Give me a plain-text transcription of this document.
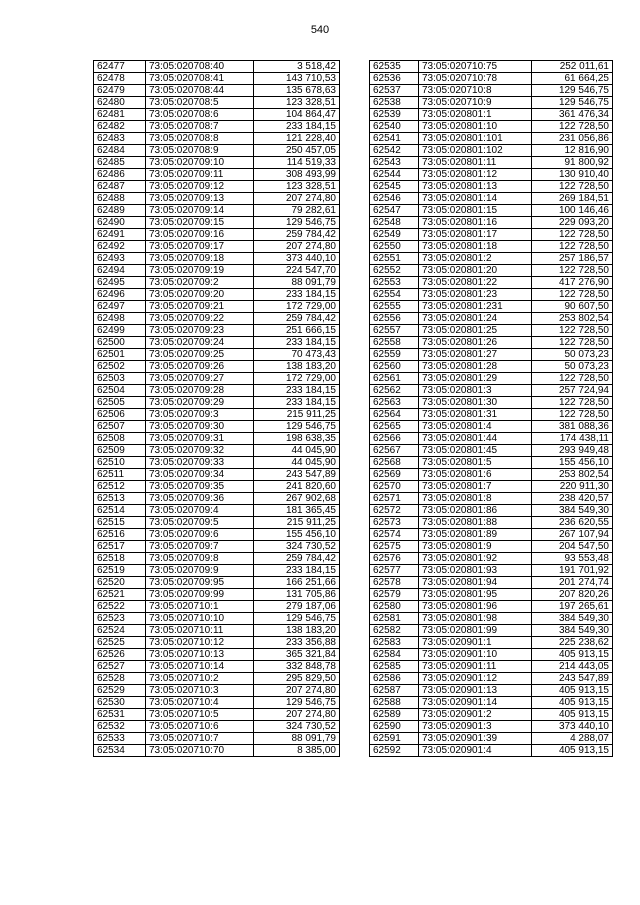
540
62477	73:05:020708:40	3 518,42
62478	73:05:020708:41	143 710,53
62479	73:05:020708:44	135 678,63
62480	73:05:020708:5	123 328,51
62481	73:05:020708:6	104 864,47
62482	73:05:020708:7	233 184,15
62483	73:05:020708:8	121 228,40
62484	73:05:020708:9	250 457,05
62485	73:05:020709:10	114 519,33
62486	73:05:020709:11	308 493,99
62487	73:05:020709:12	123 328,51
62488	73:05:020709:13	207 274,80
62489	73:05:020709:14	79 282,61
62490	73:05:020709:15	129 546,75
62491	73:05:020709:16	259 784,42
62492	73:05:020709:17	207 274,80
62493	73:05:020709:18	373 440,10
62494	73:05:020709:19	224 547,70
62495	73:05:020709:2	88 091,79
62496	73:05:020709:20	233 184,15
62497	73:05:020709:21	172 729,00
62498	73:05:020709:22	259 784,42
62499	73:05:020709:23	251 666,15
62500	73:05:020709:24	233 184,15
62501	73:05:020709:25	70 473,43
62502	73:05:020709:26	138 183,20
62503	73:05:020709:27	172 729,00
62504	73:05:020709:28	233 184,15
62505	73:05:020709:29	233 184,15
62506	73:05:020709:3	215 911,25
62507	73:05:020709:30	129 546,75
62508	73:05:020709:31	198 638,35
62509	73:05:020709:32	44 045,90
62510	73:05:020709:33	44 045,90
62511	73:05:020709:34	243 547,89
62512	73:05:020709:35	241 820,60
62513	73:05:020709:36	267 902,68
62514	73:05:020709:4	181 365,45
62515	73:05:020709:5	215 911,25
62516	73:05:020709:6	155 456,10
62517	73:05:020709:7	324 730,52
62518	73:05:020709:8	259 784,42
62519	73:05:020709:9	233 184,15
62520	73:05:020709:95	166 251,66
62521	73:05:020709:99	131 705,86
62522	73:05:020710:1	279 187,06
62523	73:05:020710:10	129 546,75
62524	73:05:020710:11	138 183,20
62525	73:05:020710:12	233 356,88
62526	73:05:020710:13	365 321,84
62527	73:05:020710:14	332 848,78
62528	73:05:020710:2	295 829,50
62529	73:05:020710:3	207 274,80
62530	73:05:020710:4	129 546,75
62531	73:05:020710:5	207 274,80
62532	73:05:020710:6	324 730,52
62533	73:05:020710:7	88 091,79
62534	73:05:020710:70	8 385,00
62535	73:05:020710:75	252 011,61
62536	73:05:020710:78	61 664,25
62537	73:05:020710:8	129 546,75
62538	73:05:020710:9	129 546,75
62539	73:05:020801:1	361 476,34
62540	73:05:020801:10	122 728,50
62541	73:05:020801:101	231 056,86
62542	73:05:020801:102	12 816,90
62543	73:05:020801:11	91 800,92
62544	73:05:020801:12	130 910,40
62545	73:05:020801:13	122 728,50
62546	73:05:020801:14	269 184,51
62547	73:05:020801:15	100 146,46
62548	73:05:020801:16	229 093,20
62549	73:05:020801:17	122 728,50
62550	73:05:020801:18	122 728,50
62551	73:05:020801:2	257 186,57
62552	73:05:020801:20	122 728,50
62553	73:05:020801:22	417 276,90
62554	73:05:020801:23	122 728,50
62555	73:05:020801:231	90 607,50
62556	73:05:020801:24	253 802,54
62557	73:05:020801:25	122 728,50
62558	73:05:020801:26	122 728,50
62559	73:05:020801:27	50 073,23
62560	73:05:020801:28	50 073,23
62561	73:05:020801:29	122 728,50
62562	73:05:020801:3	257 724,94
62563	73:05:020801:30	122 728,50
62564	73:05:020801:31	122 728,50
62565	73:05:020801:4	381 088,36
62566	73:05:020801:44	174 438,11
62567	73:05:020801:45	293 949,48
62568	73:05:020801:5	155 456,10
62569	73:05:020801:6	253 802,54
62570	73:05:020801:7	220 911,30
62571	73:05:020801:8	238 420,57
62572	73:05:020801:86	384 549,30
62573	73:05:020801:88	236 620,55
62574	73:05:020801:89	267 107,94
62575	73:05:020801:9	204 547,50
62576	73:05:020801:92	93 553,48
62577	73:05:020801:93	191 701,92
62578	73:05:020801:94	201 274,74
62579	73:05:020801:95	207 820,26
62580	73:05:020801:96	197 265,61
62581	73:05:020801:98	384 549,30
62582	73:05:020801:99	384 549,30
62583	73:05:020901:1	225 238,62
62584	73:05:020901:10	405 913,15
62585	73:05:020901:11	214 443,05
62586	73:05:020901:12	243 547,89
62587	73:05:020901:13	405 913,15
62588	73:05:020901:14	405 913,15
62589	73:05:020901:2	405 913,15
62590	73:05:020901:3	373 440,10
62591	73:05:020901:39	4 288,07
62592	73:05:020901:4	405 913,15
